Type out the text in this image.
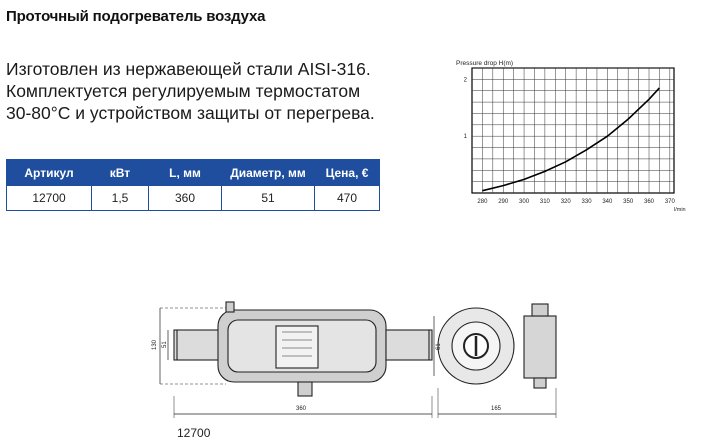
Проточный подогреватель воздуха
Изготовлен из нержавеющей стали AISI-316.
Комплектуется регулируемым термостатом
30-80°С и устройством защиты от перегрева.
Артикул	кВт	L, мм	Диаметр, мм	Цена, €
12700	1,5	360	51	470
Pressure drop H(m)
280 290 300 310 320 330 340 350 360 370
1
2
l/min
360	165
130 51	61
12700
